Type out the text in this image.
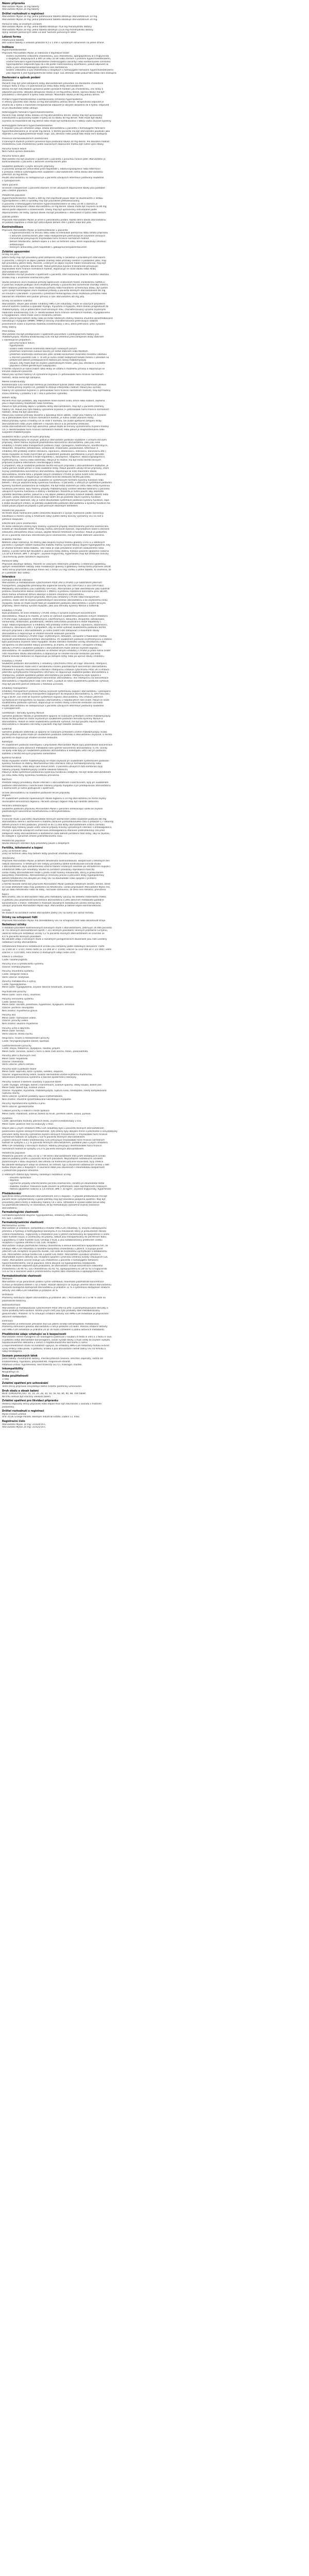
Název přípravku
Atorvastatin Mylan 10 mg tablety
Atorvastatin Mylan 20 mg tablety
Držitel rozhodnutí o registraci
Atorvastatin Mylan 10 mg: Jedna potahovaná tableta obsahuje atorvastatinum 10 mg.
Atorvastatin Mylan 20 mg: Jedna potahovaná tableta obsahuje atorvastatinum 20 mg.
Pomocné látky se známým účinkem
Atorvastatin Mylan 10 mg: jedna tableta obsahuje 76,8 mg monohydrátu laktosy.
Atorvastatin Mylan 20 mg: jedna tableta obsahuje 153,6 mg monohydrátu laktosy.
Úplný seznam pomocných látek viz bod 'Seznam pomocných látek'.
Léková forma
Potahovaná tableta.
Bílé oválné tablety o velikosti přibližně 9,5 x 5 mm s vyraženým označením na jedné straně.
Indikace
Hypercholesterolemie
Přípravek Atorvastatin Mylan je indikován k doplňkové léčbě:
snížení zvýšeného celkového cholesterolu, LDL-cholesterolu, apolipoproteinu B a triglyceridů
u dospělých, dospívajících a dětí ve věku 10 let nebo starších s primární hypercholesterolemií,
včetně familiární hypercholesterolemie (heterozygotní varianty) nebo kombinované (smíšené)
hyperlipidemie (odpovídá typu IIa a IIb podle Fredricksonovy klasifikace), pokud odpověď na
dietu a jiná nefarmakologická opatření není dostatečná.
Snížení celkového a LDL-cholesterolu u dospělých s homozygotní familiární hypercholesterolemií
jako doplněk k jiné hypolipidemické léčbě (např. LDL aferéza) nebo pokud tato léčba není dostupná.
Dávkování a způsob podání
Dávkování
Pacienti mají být před zahájením léčby atorvastatinem převedeni na standardní cholesterol
snižující dietu a mají v ní pokračovat po celou dobu léčby atorvastatinem.
Dávka má být individuálně upravena podle výchozích hodnot LDL-cholesterolu, cíle léčby a
odpovědi pacienta. Obvyklá zahajovací dávka je 10 mg jednou denně. Úprava dávky má být
prováděna v intervalech 4 týdnů nebo delších. Maximální dávka je 80 mg jednou denně.
Primární hypercholesterolemie a kombinovaná (smíšená) hyperlipidemie
U většiny pacientů stačí dávka 10 mg atorvastatinu jednou denně. Terapeutická odpověď je
zřejmá do 2 týdnů a maximální terapeutická odpověď je obvykle dosažena do 4 týdnů. Odpověď
se při dlouhodobé léčbě udržuje.
Heterozygotní familiární hypercholesterolemie
Pacienti mají zahájit léčbu dávkou 10 mg atorvastatinu denně. Dávky mají být upravovány
individuálně a upravovány každé 4 týdny až na dávku 40 mg denně. Poté může být dávka
zvýšena na maximálně 80 mg denně nebo může být kombinována s látkou vážící žlučové kyseliny.
Homozygotní familiární hypercholesterolemie
K dispozici jsou jen omezené údaje. Dávka atorvastatinu u pacientů s homozygotní familiární
hypercholesterolemií je 10 až 80 mg denně. U těchto pacientů má být atorvastatin používán jako
doplněk k jiné hypolipidemické léčbě (např. LDL aferéza) nebo pokud tato léčba není dostupná.
Prevence kardiovaskulárních onemocnění
V klinických studiích primární prevence byla podávána dávka 10 mg denně. Pro dosažení hodnot
cholesterolu (LDL-cholesterolu) podle současných doporučení mohou být nutné vyšší dávky.
Porucha funkce ledvin
Není nutná úprava dávkování.
Porucha funkce jater
Atorvastatin má být používán s opatrností u pacientů s poruchou funkce jater. Atorvastatin je
kontraindikován u pacientů s aktivním onemocněním jater.
Souběžné podávání s jinými léčivými přípravky
U pacientů užívajících antivirotika proti hepatitidě C elbasvir/grazoprevir nebo letermovir
k profylaxi infekce cytomegalovirem souběžně s atorvastatinem nemá dávka atorvastatinu
překročit 20 mg denně.
Použití atorvastatinu se nedoporučuje u pacientů užívajících letermovir podávaný souběžně
s cyklosporinem.
Starší pacienti
Účinnost a bezpečnost u pacientů starších 70 let užívajících doporučené dávky jsou podobné
jako u běžné populace.
Pediatrická populace
Hypercholesterolemie: Použití u dětí by měl zajišťovat pouze lékař se zkušenostmi s léčbou
hyperlipidemie u dětí a výsledky mají být pravidelně přehodnocovány.
U pacientů s heterozygotní familiární hypercholesterolemií ve věku 10 let a starších je
doporučená zahajovací dávka atorvastatinu 10 mg denně. Dávka může být zvýšena na 80 mg
denně podle odpovědi a snášenlivosti. Dávky mají být upravovány individuálně podle
doporučeného cíle léčby. Úprava dávek má být prováděna v intervalech 4 týdnů nebo delších.
Způsob podání
Přípravek Atorvastatin Mylan je určen k perorálnímu podání. Každá denní dávka atorvastatinu
se podává najednou a může být užita kdykoli během dne s jídlem nebo bez jídla.
Kontraindikace
Přípravek Atorvastatin Mylan je kontraindikován u pacientů:
- s hypersenzitivitou na léčivou látku nebo na kteroukoli pomocnou látku tohoto přípravku
- s aktivním onemocněním jater nebo neobjasněným přetrvávajícím zvýšením sérových
- transamináz převyšujícím trojnásobek horní hranice normálních hodnot
- během těhotenství, během kojení a u žen ve fertilním věku, které nepoužívají vhodnou
- antikoncepci
- léčených antivirotiky proti hepatitidě C glekaprevirem/pibrentasvirem
Zvláštní upozornění
Účinky na játra
Jaterní testy mají být provedeny před zahájením léčby a následně v pravidelných intervalech.
U pacientů, u kterých se objeví jakékoli známky nebo příznaky svědčící o poškození jater, mají
být provedeny jaterní testy. Pacienti, u kterých se objeví zvýšení hladin transamináz, mají být
sledováni až do vymizení abnormalit. Pokud přetrvává zvýšení transamináz převyšující
trojnásobek horní hranice normálních hodnot, doporučuje se snížit dávku nebo léčbu
atorvastatinem ukončit.
Atorvastatin má být používán s opatrností u pacientů, kteří konzumují značné množství alkoholu
a/nebo mají v anamnéze onemocnění jater.
Studie prevence cévní mozkové příhody agresivním snižováním hladin cholesterolu (SPARCL)
V post-hoc analýze podtypů cévní mozkové příhody u pacientů bez ischemické choroby srdeční,
kteří nedávno prodělali cévní mozkovou příhodu nebo tranzitorní ischemickou ataku, byl zjištěn
vyšší výskyt hemoragické cévní mozkové příhody u pacientů léčených atorvastatinem 80 mg
ve srovnání s placebem. U pacientů s předchozí hemoragickou cévní mozkovou příhodou nebo
lakunárním infarktem není poměr přínosů a rizik atorvastatinu 80 mg jistý.
Účinky na kosterní svalstvo
Atorvastatin, stejně jako ostatní inhibitory HMG-CoA reduktázy, může ve vzácných případech
ovlivnit kosterní svalstvo a způsobit myalgii, myositidu a myopatii, které mohou progredovat do
rhabdomyolýzy, což je potenciálně život ohrožující stav, charakterizovaný výrazně zvýšenými
hladinami kreatinkinázy (CK) (> desetinásobek horní hranice normálních hodnot), myoglobinemií
a myoglobinurií, která může vést k renálnímu selhání.
Velmi vzácně byla během léčby nebo po léčbě některými statiny hlášena imunitně zprostředkovaná
nekrotizující myopatie (IMNM). IMNM je klinicky charakterizována přetrvávající slabostí
proximálních svalů a zvýšenou hladinou kreatinkinázy v séru, která přetrvává i přes vysazení
léčby statiny.
Před léčbou
Atorvastatin má být předepisován s opatrností pacientům s predispozičními faktory pro
rhabdomyolýzu. Hladina kreatinkinázy (CK) má být změřena před zahájením léčby statinem
v následujících případech:
- porucha funkce ledvin
- hypotyreóza
- osobní nebo rodinná anamnéza dědičných svalových poruch
- předchozí anamnéza svalové toxicity při léčbě statinem nebo fibrátem
- předchozí anamnéza onemocnění jater a/nebo konzumace značného množství alkoholu
- u starších pacientů (věk > 70 let) je nutno zvážit nezbytnost tohoto měření s ohledem na
- přítomnost dalších predispozičních faktorů pro rozvoj rhabdomyolýzy
- situace, kdy může dojít ke zvýšení plazmatických hladin, jako jsou interakce a zvláštní
- populace včetně genetických subpopulací
V těchto situacích je nutno zvážit riziko léčby ve vztahu k možnému přínosu a doporučuje se
klinické sledování pacienta.
Pokud jsou výchozí hladiny CK významně zvýšené (> pětinásobek horní hranice normálních
hodnot), léčba nemá být zahájena.
Měření kreatinkinázy
Kreatinkináza (CK) nemá být měřena po namáhavé fyzické zátěži nebo za přítomnosti jakékoli
jiné možné příčiny zvýšení CK, protože to ztěžuje interpretaci hodnot. Pokud jsou výchozí
hladiny CK významně zvýšené (> pětinásobek horní hranice normálních hodnot), mají být hladiny
znovu změřeny v průběhu 5 až 7 dnů k potvrzení výsledků.
Během léčby
Pacienti musí být požádáni, aby neprodleně hlásili bolest svalů, křeče nebo slabost, zejména
jsou-li doprovázeny malátností nebo horečkou.
Pokud se tyto příznaky objeví v průběhu léčby atorvastatinem, mají být u pacienta změřeny
hladiny CK. Pokud jsou tyto hladiny významně zvýšené (> pětinásobek horní hranice normálních
hodnot), léčba má být ukončena.
Pokud jsou svalové příznaky závažné a způsobují denní obtíže, i když jsou hladiny CK zvýšené
na ≤ pětinásobek horní hranice normálních hodnot, je nutno zvážit ukončení léčby.
Pokud příznaky vymizí a hladiny CK se vrátí k normálu, lze zvážit opětovné zahájení léčby
atorvastatinem nebo jiným statinem v nejnižší dávce a za pečlivého sledování.
Léčba atorvastatinem musí být ukončena, pokud dojde ke klinicky významnému zvýšení hladiny
CK (> desetinásobek horní hranice normálních hodnot) nebo pokud je diagnostikována nebo
suspektní rhabdomyolýza.
Souběžná léčba s jinými léčivými přípravky
Riziko rhabdomyolýzy se zvyšuje, pokud je atorvastatin podáván souběžně s určitými léčivými
přípravky, které mohou zvyšovat plazmatickou koncentraci atorvastatinu, jako jsou silné
inhibitory CYP3A4 nebo transportních proteinů (např. cyklosporin, telithromycin, klarithromycin,
delavirdin, stiripentol, ketokonazol, vorikonazol, itrakonazol, posakonazol, letermovir a
inhibitory HIV proteázy včetně ritonaviru, lopinaviru, atazanaviru, indinaviru, darunaviru atd.).
Riziko myopatie se může zvýšit také při souběžném podávání gemfibrozilu a jiných derivátů
kyseliny fibrové, antivirotik k léčbě hepatitidy C (boceprevir, telaprevir, elbasvir/grazoprevir),
erythromycinu, niacinu nebo ezetimibu. Pokud je to možné, má být místo těchto léčivých
přípravků zvážena alternativní (neinteragující) léčba.
V případech, kdy je souběžné podávání těchto léčivých přípravků s atorvastatinem nezbytné, je
nutno pečlivě zvážit přínos a riziko souběžné léčby. Pokud pacienti užívají léčivé přípravky, které
zvyšují plazmatickou koncentraci atorvastatinu, doporučuje se nižší maximální dávka
atorvastatinu. Kromě toho v případě silných inhibitorů CYP3A4 je nutno zvážit nižší zahajovací
dávku atorvastatinu a doporučuje se vhodné klinické sledování těchto pacientů.
Atorvastatin nesmí být podáván souběžně se systémovými formami kyseliny fusidové nebo
během 7 dnů po ukončení léčby kyselinou fusidovou. U pacientů, u kterých je systémové podávání
kyseliny fusidové považováno za nezbytné, má být léčba statinem po celou dobu léčby kyselinou
fusidovou přerušena. Byly hlášeny případy rhabdomyolýzy (včetně několika fatálních) u pacientů
užívajících kyselinu fusidovou a statiny v kombinaci. Pacienta je nutno poučit, aby okamžitě
vyhledal lékařskou pomoc, pokud se u něj objeví jakékoli příznaky svalové slabosti, bolesti nebo
citlivosti. Léčbu statinem lze znovu zahájit sedm dní po poslední dávce kyseliny fusidové.
Za výjimečných okolností, kdy je nutné dlouhodobé systémové podávání kyseliny fusidové, např.
k léčbě závažných infekcí, se potřeba souběžného podávání atorvastatinu a kyseliny fusidové má
zvážit pouze případ od případu a pod pečlivým lékařským dohledem.
Pediatrická populace
Ve tříleté studii hodnocené podle celkového dospívání a vývoje, hodnocení podle Tannerovy
klasifikace a měření výšky a hmotnosti nebyl zjištěn žádný klinicky významný vliv na růst a
pohlavní dospívání.
Intersticiální plicní onemocnění
Při léčbě některými statiny byly hlášeny výjimečné případy intersticiálního plicního onemocnění,
zvláště při dlouhodobé léčbě. Příznaky mohou zahrnovat dušnost, neproduktivní kašel a zhoršení
celkového zdravotního stavu (únava, úbytek tělesné hmotnosti a horečka). Pokud je podezření,
že se u pacienta rozvinulo intersticiální plicní onemocnění, má být léčba statinem ukončena.
Diabetes mellitus
Některé údaje naznačují, že statiny jako skupina zvyšují hladinu glukózy v krvi a u některých
pacientů s vysokým rizikem budoucího diabetu mohou vyvolat takový stupeň hyperglykemie, kdy
je vhodná formální léčba diabetu. Toto riziko je však převáženo snížením vaskulárního rizika
statiny, a proto nemá být důvodem k ukončení léčby statiny. Rizikoví pacienti (glykemie nalačno
5,6 až 6,9 mmol/l, BMI > 30 kg/m², zvýšené triglyceridy, hypertenze) mají být sledováni klinicky
i biochemicky podle národních doporučení.
Pomocné látky
Přípravek obsahuje laktosu. Pacienti se vzácnými dědičnými problémy s intolerancí galaktosy,
úplným nedostatkem laktázy nebo malabsorpcí glukosy a galaktosy nemají tento přípravek užívat.
Tento léčivý přípravek obsahuje méně než 1 mmol (23 mg) sodíku v jedné tabletě, to znamená, že
je v podstatě 'bez sodíku'.
Interakce
Farmakokinetické interakce
Atorvastatin je metabolizován cytochromem P450 3A4 (CYP3A4) a je substrátem jaterních
transportérů, polypeptidu přenášejícího organické anionty 1B1 (OATP1B1) a 1B3 (OATP1B3).
Metabolity atorvastatinu jsou substráty OATP1B1. Atorvastatin je také identifikován jako substrát
proteinu mnohočetné lékové rezistence 1 (MDR1) a proteinu rezistence karcinomu prsu (BCRP),
které mohou omezovat střevní absorpci a biliární clearance atorvastatinu.
Souběžné podávání léčivých přípravků, které jsou inhibitory CYP3A4 nebo transportních
proteinů, může vést ke zvýšení plazmatických koncentrací atorvastatinu a ke zvýšenému riziku
myopatie. Riziko se může zvýšit také při souběžném podávání atorvastatinu s jinými léčivými
přípravky, které mohou vyvolat myopatii, jako jsou deriváty kyseliny fibrové a ezetimib.
Inhibitory CYP3A4
Bylo prokázáno, že silné inhibitory CYP3A4 vedou k výrazně zvýšeným koncentracím
atorvastatinu. Pokud je to možné, je nutno se vyhnout souběžnému podávání silných inhibitorů
CYP3A4 (např. cyklosporin, telithromycin, klarithromycin, delavirdin, stiripentol, ketokonazol,
vorikonazol, itrakonazol, posakonazol, některá antivirotika používaná k léčbě hepatitidy C
(např. elbasvir/grazoprevir) a inhibitory HIV proteázy včetně ritonaviru, lopinaviru, atazanaviru,
indinaviru, darunaviru atd.). V případech, kdy se nelze vyhnout souběžnému podávání těchto
léčivých přípravků s atorvastatinem, je nutno zvážit nižší zahajovací a maximální dávky
atorvastatinu a doporučuje se vhodné klinické sledování pacienta.
Středně silné inhibitory CYP3A4 (např. erythromycin, diltiazem, verapamil a flukonazol) mohou
zvyšovat plazmatické koncentrace atorvastatinu. Při souběžném podávání erythromycinu a statinů
bylo pozorováno zvýšené riziko myopatie. Studie interakcí hodnotící účinky amiodaronu nebo
verapamilu na atorvastatin nebyly provedeny. Je známo, že amiodaron i verapamil inhibují
aktivitu CYP3A4 a souběžné podávání s atorvastatinem může vést ke zvýšené expozici
atorvastatinu. Při souběžném podávání se středně silnými inhibitory CYP3A4 je proto nutno zvážit
nižší maximální dávku atorvastatinu a doporučuje se vhodné klinické sledování pacienta.
Vhodné klinické sledování se doporučuje po zahájení léčby nebo po úpravě dávky inhibitoru.
Induktory CYP3A4
Souběžné podávání atorvastatinu s induktory cytochromu P450 3A (např. efavirenz, rifampicin,
třezalka tečkovaná) může vést k variabilnímu snížení plazmatických koncentrací atorvastatinu.
Vzhledem k dvojímu mechanismu interakce rifampicinu (indukce cytochromu P450 3A a inhibice
jaterního vychytávacího transportéru OATP1B1) se doporučuje souběžné podání atorvastatinu a
rifampicinu, protože opožděné podání atorvastatinu po podání rifampicinu bylo spojeno s
významným snížením plazmatických koncentrací atorvastatinu. Vliv rifampicinu na koncentrace
atorvastatinu v hepatocytech však není znám, a pokud se nelze souběžnému podávání vyhnout,
mají být pacienti pečlivě sledováni z hlediska účinnosti.
Inhibitory transportérů
Inhibitory transportních proteinů mohou zvyšovat systémovou expozici atorvastatinu. Cyklosporin
a letermovir jsou inhibitory transportérů zapojených do dispozice atorvastatinu, tj. OATP1B1/1B3,
P-gp a BCRP, což vede ke zvýšené systémové expozici atorvastatinu. Vliv inhibice jaterních
vychytávacích transportérů na expozici atorvastatinu v hepatocytech není znám. Pokud se nelze
souběžnému podávání vyhnout, doporučuje se snížení dávky a klinické sledování účinnosti.
Použití atorvastatinu se nedoporučuje u pacientů užívajících letermovir podávaný souběžně
s cyklosporinem.
Gemfibrozil / deriváty kyseliny fibrové
Samotné podávání fibrátů je příležitostně spojeno se svalovými příhodami včetně rhabdomyolýzy.
Riziko těchto příhod se může zvyšovat při souběžném podávání derivátů kyseliny fibrové a
atorvastatinu. Pokud se nelze souběžnému podávání vyhnout, má být použita nejnižší dávka
atorvastatinu k dosažení cíle léčby a pacienti mají být náležitě sledováni.
Ezetimib
Samotné podávání ezetimibu je spojeno se svalovými příhodami včetně rhabdomyolýzy. Riziko
těchto příhod se proto může při souběžném podávání ezetimibu a atorvastatinu zvyšovat. U těchto
pacientů se doporučuje vhodné klinické sledování.
Kolestipol
Při souběžném podávání kolestipolu s přípravkem Atorvastatin Mylan byly plazmatické koncentrace
atorvastatinu a jeho aktivních metabolitů nižší (poměr koncentrací atorvastatinu: 0,74). Účinky
na lipidy však byly při souběžném podávání atorvastatinu a kolestipolu větší než při podávání
každého z těchto léčivých přípravků samostatně.
Kyselina fusidová
Riziko myopatie včetně rhabdomyolýzy se může zvyšovat při souběžném systémovém podávání
kyseliny fusidové se statiny. Mechanismus této interakce (zda je farmakodynamický nebo
farmakokinetický, nebo obojí) není dosud znám. U pacientů užívajících tuto kombinaci byly
hlášeny případy rhabdomyolýzy (včetně několika fatálních).
Pokud je léčba systémově podávanou kyselinou fusidovou nezbytná, má být léčba atorvastatinem
po celou dobu léčby kyselinou fusidovou přerušena.
Kolchicin
Přestože nebyly provedeny studie interakcí s atorvastatinem a kolchicinem, byly při souběžném
podávání atorvastatinu s kolchicinem hlášeny případy myopatie a při předepisování atorvastatinu
s kolchicinem je nutno postupovat s opatrností.
Účinek atorvastatinu na souběžně podávané léčivé přípravky
Digoxin
Při souběžném podávání opakovaných dávek digoxinu a 10 mg atorvastatinu se mírně zvýšily
rovnovážné koncentrace digoxinu. Pacienti užívající digoxin mají být náležitě sledováni.
Perorální antikoncepce
Souběžné podávání přípravku Atorvastatin Mylan s perorální antikoncepcí vedlo ke zvýšení
plazmatických koncentrací norethisteronu a ethinylestradiolu.
Warfarin
V klinické studii u pacientů dlouhodobě léčených warfarinem vedlo souběžné podávání 80 mg
atorvastatinu denně s warfarinem k malému zkrácení protrombinového času o přibližně 1,7 sekundy
během prvních 4 dnů podávání, přičemž se do 15 dnů léčby atorvastatinem vrátil k normálu.
Přestože byly hlášeny pouze velmi vzácné případy klinicky významných interakcí s antikoagulancii,
má být u pacientů užívajících kumarinová antikoagulancia stanoven protrombinový čas před
zahájením léčby atorvastatinem a dostatečně často během počáteční fáze léčby, aby se zajistilo,
že nedojde k významné změně protrombinového času.
Pediatrická populace
Studie lékových interakcí byly provedeny pouze u dospělých.
Fertilita, těhotenství a kojení
Ženy ve fertilním věku
Ženy ve fertilním věku mají během léčby používat vhodnou antikoncepci.
Těhotenství
Přípravek Atorvastatin Mylan je během těhotenství kontraindikován. Bezpečnost u těhotných žen
nebyla stanovena. U těhotných žen nebyly provedeny žádné kontrolované klinické studie
s atorvastatinem. Byla zaznamenána vzácná hlášení vrozených anomálií po intrauterinní expozici
inhibitorům HMG-CoA reduktázy. Studie na zvířatech prokázaly reprodukční toxicitu.
Léčba matky atorvastatinem může u plodu snížit hladiny mevalonátu, který je prekurzorem
biosyntézy cholesterolu. Ateroskleróza je chronický proces a přerušení léčby hypolipidemiky
během těhotenství má obvykle jen malý vliv na dlouhodobé riziko spojené s primární
hypercholesterolemií.
Z těchto důvodů nemá být přípravek Atorvastatin Mylan podáván těhotným ženám, ženám, které
se snaží otěhotnět nebo mají podezření na těhotenství. Léčba přípravkem Atorvastatin Mylan má
být po dobu těhotenství nebo do doby, než bude stanoveno, že žena není těhotná, přerušena.
Kojení
Není známo, zda se atorvastatin nebo jeho metabolity vylučují do lidského mateřského mléka.
U potkanů jsou plazmatické koncentrace atorvastatinu a jeho aktivních metabolitů podobné
koncentracím v mléce. Vzhledem k možnosti závažných nežádoucích účinků nemají ženy
užívající přípravek Atorvastatin Mylan kojit. Atorvastatin je během kojení kontraindikován.
Fertilita
Ve studiích na zvířatech neměl atorvastatin žádný vliv na samčí ani samičí fertilitu.
Účinky na schopnost řídit
Přípravek Atorvastatin Mylan má zanedbatelný vliv na schopnost řídit nebo obsluhovat stroje.
Nežádoucí účinky
V databázi placebem kontrolovaných klinických studií s atorvastatinem, zahrnující 16 066 pacientů
(8 755 léčených atorvastatinem oproti 7 311 léčeným placebem) léčených průměrně 53 týdnů,
ukončilo léčbu pro nežádoucí účinky 5,2 % pacientů léčených atorvastatinem ve srovnání se
4,0 % pacientů léčených placebem.
Na základě údajů z klinických studií a rozsáhlých poregistračních zkušeností jsou níže uvedeny
nežádoucí účinky atorvastatinu.
Odhadované frekvence nežádoucích účinků jsou seřazeny podle následující konvence: časté
(≥ 1/100 až < 1/10); méně časté (≥ 1/1 000 až < 1/100); vzácné (≥ 1/10 000 až < 1/1 000); velmi
vzácné (< 1/10 000), není známo (z dostupných údajů nelze určit).
Infekce a infestace
Časté: nazofaryngitida.
Poruchy krve a lymfatického systému
Vzácné: trombocytopenie.
Poruchy imunitního systému
Časté: alergické reakce.
Velmi vzácné: anafylaxe.
Poruchy metabolismu a výživy
Časté: hyperglykemie.
Méně časté: hypoglykemie, zvýšení tělesné hmotnosti, anorexie.
Psychiatrické poruchy
Méně časté: noční můry, insomnie.
Poruchy nervového systému
Časté: bolest hlavy.
Méně časté: závratě, parestezie, hypestezie, dysgeuzie, amnézie.
Vzácné: periferní neuropatie.
Není známo: myasthenia gravis.
Poruchy oka
Méně časté: rozmazané vidění.
Vzácné: poruchy vidění.
Není známo: okulární myastenie.
Poruchy ucha a labyrintu
Méně časté: tinnitus.
Velmi vzácné: ztráta sluchu.
Respirační, hrudní a mediastinální poruchy
Časté: faryngolaryngeální bolest, epistaxe.
Gastrointestinální poruchy
Časté: zácpa, flatulence, dyspepsie, nauzea, průjem.
Méně časté: zvracení, bolest v horní a dolní části břicha, říhání, pankreatitida.
Poruchy jater a žlučových cest
Méně časté: hepatitida.
Vzácné: cholestáza.
Velmi vzácné: jaterní selhání.
Poruchy kůže a podkožní tkáně
Méně časté: kopřivka, kožní vyrážka, svědění, alopecie.
Vzácné: angioneurotický edém, bulózní dermatitida včetně erythema multiforme,
Stevensova-Johnsonova syndromu a toxické epidermální nekrolýzy.
Poruchy svalové a kosterní soustavy a pojivové tkáně
Časté: myalgie, artralgie, bolest v končetinách, svalové spasmy, otoky kloubů, bolest zad.
Méně časté: bolest šíje, svalová únava.
Vzácné: myopatie, myositida, rhabdomyolýza, ruptura svalu, tendopatie, někdy komplikovaná
rupturou šlachy.
Velmi vzácné: syndrom podobný lupus erythematodes.
Není známo: imunitně zprostředkovaná nekrotizující myopatie.
Poruchy reprodukčního systému a prsu
Velmi vzácné: gynekomastie.
Celkové poruchy a reakce v místě aplikace
Méně časté: malátnost, astenie, bolest na hrudi, periferní edém, únava, pyrexie.
Vyšetření
Časté: abnormální hodnoty jaterních testů, zvýšení kreatinkinázy v krvi.
Méně časté: pozitivní test na leukocyty v moči.
Stejně jako u jiných inhibitorů HMG-CoA reduktázy bylo u pacientů léčených atorvastatinem
pozorováno zvýšení sérových transamináz. Tyto změny byly obvykle mírné a přechodné a nevyžadovaly
přerušení léčby. Klinicky významné zvýšení sérových transamináz (> trojnásobek horní hranice
normálních hodnot) se vyskytlo u 0,8 % pacientů léčených atorvastatinem.
Zvýšení sérových hladin kreatinkinázy (CK) převyšující trojnásobek horní hranice normálních
hodnot se vyskytlo u 2,5 % pacientů léčených atorvastatinem, podobně jako u jiných inhibitorů
HMG-CoA reduktázy v klinických studiích. Hladiny převyšující desetinásobek horní hranice
normálních hodnot se vyskytly u 0,4 % pacientů léčených atorvastatinem.
Pediatrická populace
Pediatrickí pacienti ve věku 10 až 17 let léčení atorvastatinem měli profil nežádoucích účinků
obecně podobný profilu u pacientů léčených placebem. Nejčastějším nežádoucím účinkem
pozorovaným v obou skupinách, bez ohledu na hodnocení příčinné souvislosti, byly infekce.
Na základě dostupných údajů se očekává, že četnost, typ a závažnost nežádoucích účinků u dětí
budou stejné jako u dospělých. V současné době jsou zkušenosti s dlouhodobou bezpečností
u pediatrické populace omezené.
U některých statinů byly hlášeny následující nežádoucí účinky:
- sexuální dysfunkce
- deprese
- výjimečné případy intersticiálního plicního onemocnění, zvláště při dlouhodobé léčbě
- diabetes mellitus: frekvence bude záviset na přítomnosti nebo nepřítomnosti rizikových
- faktorů (glykemie nalačno ≥ 5,6 mmol/l, BMI > 30 kg/m², zvýšené triglyceridy, hypertenze)
Předávkování
Specifická léčba předávkování atorvastatinem není k dispozici. V případě předávkování má být
pacient léčen symptomaticky a podle potřeby mají být zavedena podpůrná opatření. Mají být
provedeny jaterní testy a sledovány hladiny CK v séru. Vzhledem k vysoké vazbě léčivé látky
na plazmatické bílkoviny se neočekává, že by hemodialýza významně zvýšila clearance
atorvastatinu.
Farmakologické vlastnosti
Farmakoterapeutická skupina: hypolipidemika, inhibitory HMG-CoA reduktázy
ATC kód: C10AA05
Farmakodynamické vlastnosti
Mechanismus účinku
Atorvastatin je selektivní, kompetitivní inhibitor HMG-CoA reduktázy, tj. enzymu katalyzujícího
přeměnu 3-hydroxy-3-methylglutaryl-koenzymu A na mevalonát, který je prekurzorem sterolů
včetně cholesterolu. Triglyceridy a cholesterol jsou v játrech začleňovány do lipoproteinů o velmi
nízké hustotě (VLDL) a uvolňovány do plazmy, odkud jsou transportovány do periferních tkání.
Lipoproteiny o nízké hustotě (LDL) vznikají z VLDL a jsou katabolizovány především cestou
receptoru s vysokou afinitou k LDL (LDL receptor).
Atorvastatin snižuje plazmatické hladiny cholesterolu a sérové koncentrace lipoproteinů tím, že
inhibuje HMG-CoA reduktázu a následně biosyntézu cholesterolu v játrech, a zvyšuje počet
jaterních LDL receptorů na povrchu buněk, což vede ke zvýšenému vychytávání a katabolismu
LDL. Atorvastatin snižuje tvorbu LDL a počet LDL částic. Atorvastatin vyvolává výrazné a
dlouhodobé zvýšení aktivity LDL receptorů spojené s příznivou změnou kvality cirkulujících LDL
částic. Atorvastatin účinně snižuje LDL-cholesterol u pacientů s homozygotní familiární
hypercholesterolemií, což je populace, která obvykle na hypolipidemika neodpovídá.
Ve studii dávkové odpovědi bylo prokázáno, že atorvastatin snižuje koncentrace celkového
cholesterolu (30-46 %), LDL-cholesterolu (41-61 %), apolipoproteinu B (34-50 %) a triglyceridů
(14-33 %) a současně vede k proměnlivému zvýšení HDL-cholesterolu a apolipoproteinu A1.
Farmakokinetické vlastnosti
Absorpce
Atorvastatin se po perorálním podání rychle vstřebává; maximální plazmatické koncentrace
(Cmax) je dosaženo během 1 až 2 hodin. Rozsah absorpce se zvyšuje úměrně dávce atorvastatinu.
Absolutní biologická dostupnost atorvastatinu je přibližně 12 % a systémová dostupnost inhibiční
aktivity vůči HMG-CoA reduktáze je přibližně 30 %.
Distribuce
Průměrný distribuční objem atorvastatinu je přibližně 381 l. Atorvastatin se z ≥ 98 % váže na
plazmatické bílkoviny.
Biotransformace
Atorvastatin je metabolizován cytochromem P450 3A4 na orto- a parahydroxylované deriváty a
různé produkty beta-oxidace. Kromě jiných cest jsou tyto produkty dále metabolizovány
glukuronidací. Přibližně 70 % cirkulující inhibiční aktivity vůči HMG-CoA reduktáze je připisováno
aktivním metabolitům.
Eliminace
Atorvastatin je eliminován převážně žlučí po jaterní a/nebo extrahepatální metabolizaci.
Průměrný eliminační poločas atorvastatinu u lidí je přibližně 14 hodin. Poločas inhibiční aktivity
vůči HMG-CoA reduktáze je přibližně 20 až 30 hodin vzhledem k podílu aktivních metabolitů.
Předklinické údaje vztahující se k bezpečnosti
Atorvastatin neměl mutagenní ani klastogenní potenciál v souboru 4 testů in vitro a 1 testu in vivo.
U potkanů nebyl atorvastatin kancerogenní, avšak vysoké dávky u myší vedly ke zvýšení výskytu
hepatocelulárního adenomu u samců a hepatocelulárního karcinomu u samic.
Z experimentálních studií na zvířatech vyplývá, že inhibitory HMG-CoA reduktázy mohou ovlivnit
vývoj embryí nebo plodů. U potkanů, králíků a psů atorvastatin neměl žádný vliv na fertilitu a
nebyl teratogenní.
Seznam pomocných látek
Jádro tablety: monohydrát laktosy, mikrokrystalická celulosa, uhličitan vápenatý, sodná sůl
kroskarmelosy, hyprolosa, polysorbát 80, magnesium-stearát.
Potahová vrstva: hypromelosa, oxid titaničitý (E171), makrogol, mastek.
Inkompatibility
Neuplatňuje se.
Doba použitelnosti
3 roky
Zvláštní opatření pro uchovávání
Tento léčivý přípravek nevyžaduje žádné zvláštní podmínky uchovávání.
Druh obalu a obsah balení
Blistr (OPA/Al/PVC//Al): 10, 14, 20, 28, 30, 50, 56, 60, 84, 90, 98, 100 tablet.
Na trhu nemusí být všechny velikosti balení.
Zvláštní opatření pro likvidaci přípravku
Veškerý nepoužitý léčivý přípravek nebo odpad musí být zlikvidován v souladu s místními
požadavky.
Držitel rozhodnutí o registraci
Mylan Ireland Limited
Unit 35/36 Grange Parade, Baldoyle Industrial Estate, Dublin 13, Irsko
Registrační číslo
Atorvastatin Mylan 10 mg: 31/424/14-C
Atorvastatin Mylan 20 mg: 31/425/14-C
